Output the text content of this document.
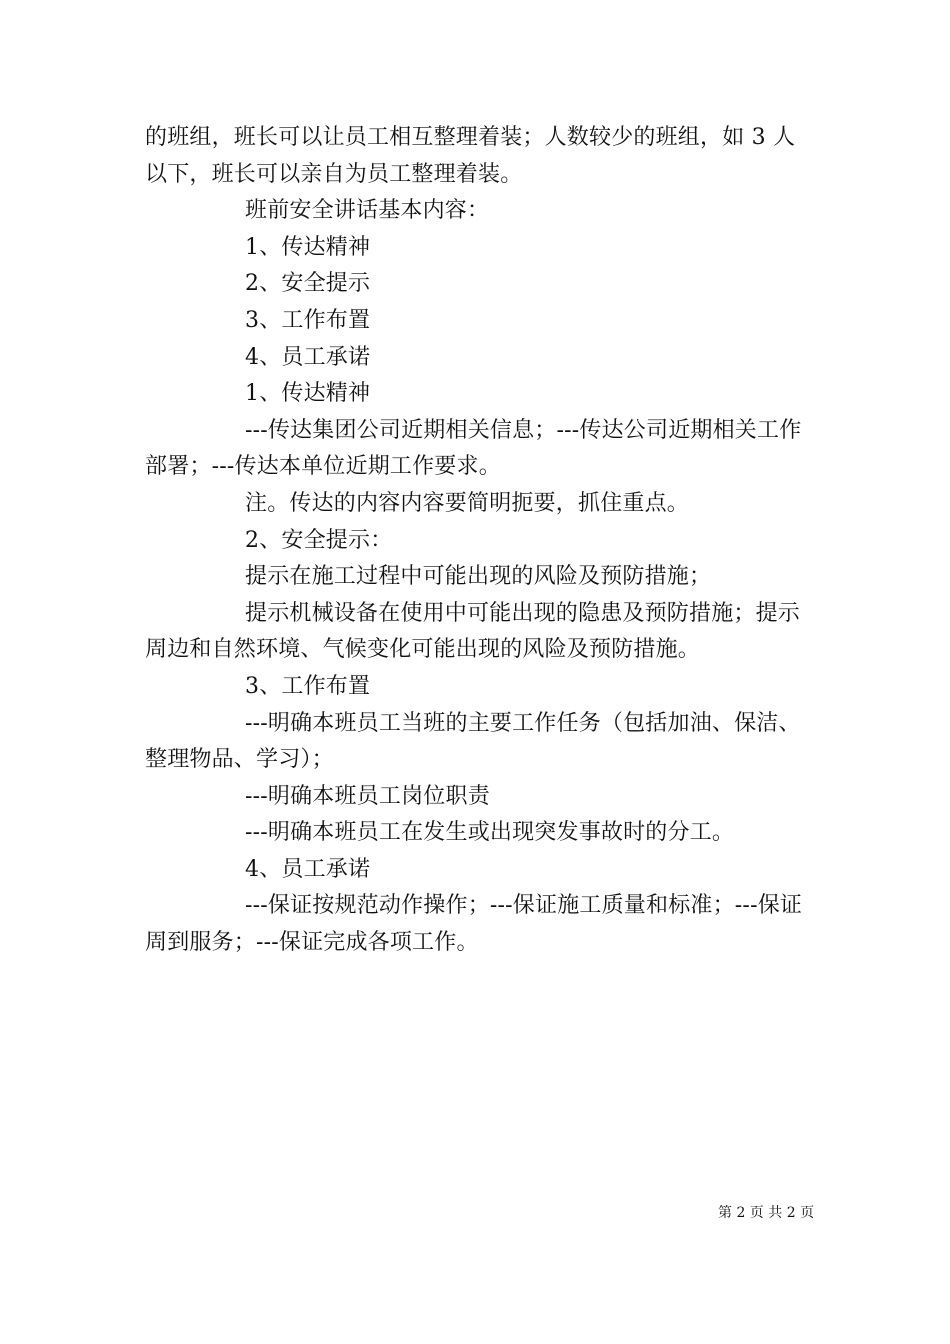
的班组，班长可以让员工相互整理着装；人数较少的班组，如 3 人以下，班长可以亲自为员工整理着装。

班前安全讲话基本内容：

1、传达精神

2、安全提示

3、工作布置

4、员工承诺

1、传达精神

---传达集团公司近期相关信息；---传达公司近期相关工作部署；---传达本单位近期工作要求。

注。传达的内容内容要简明扼要，抓住重点。

2、安全提示：

提示在施工过程中可能出现的风险及预防措施；

提示机械设备在使用中可能出现的隐患及预防措施；提示周边和自然环境、气候变化可能出现的风险及预防措施。

3、工作布置

---明确本班员工当班的主要工作任务（包括加油、保洁、整理物品、学习）；

---明确本班员工岗位职责

---明确本班员工在发生或出现突发事故时的分工。

4、员工承诺

---保证按规范动作操作；---保证施工质量和标准；---保证周到服务；---保证完成各项工作。

第 2 页 共 2 页
